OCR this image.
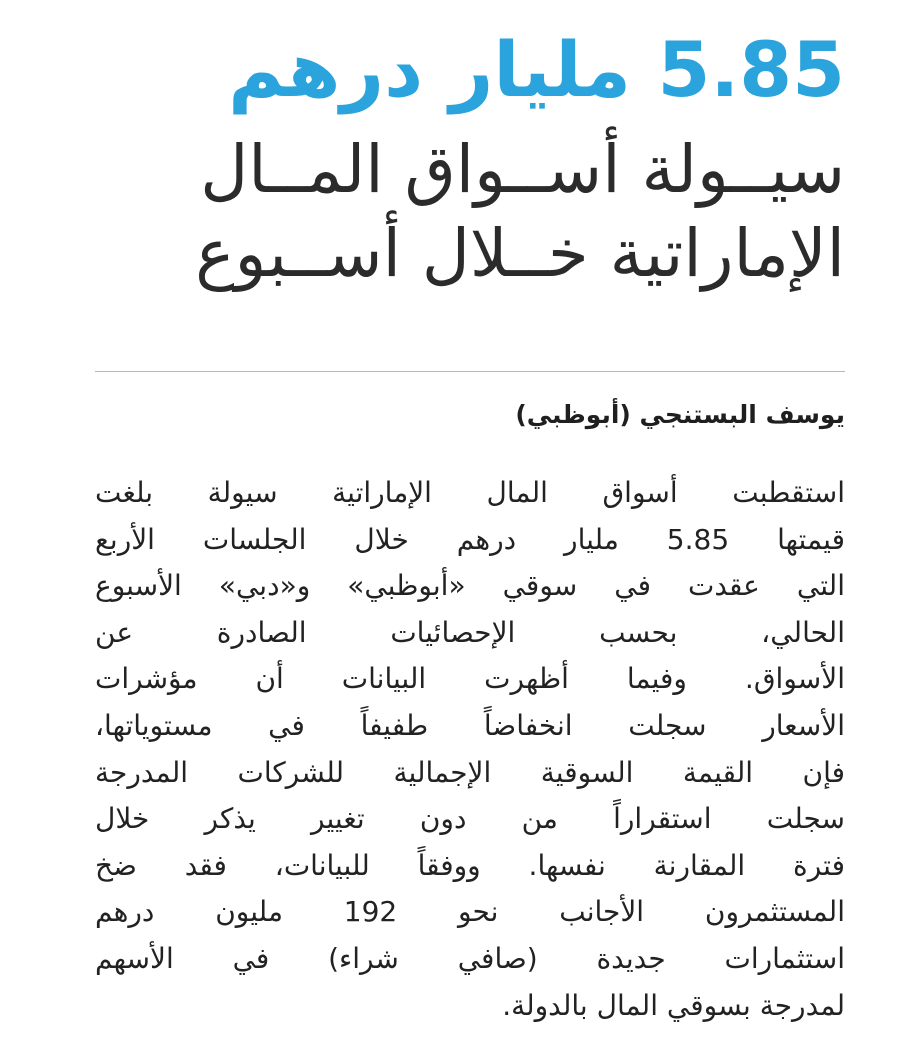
5.85 مليار درهم
سيــولة أســواق المــال
الإماراتية خــلال أســبوع
يوسف البستنجي (أبوظبي)
استقطبت أسواق المال الإماراتية سيولة بلغت
قيمتها 5.85 مليار درهم خلال الجلسات الأربع
التي عقدت في سوقي «أبوظبي» و«دبي» الأسبوع
الحالي، بحسب الإحصائيات الصادرة عن
الأسواق. وفيما أظهرت البيانات أن مؤشرات
الأسعار سجلت انخفاضاً طفيفاً في مستوياتها،
فإن القيمة السوقية الإجمالية للشركات المدرجة
سجلت استقراراً من دون تغيير يذكر خلال
فترة المقارنة نفسها. ووفقاً للبيانات، فقد ضخ
المستثمرون الأجانب نحو 192 مليون درهم
استثمارات جديدة (صافي شراء) في الأسهم
لمدرجة بسوقي المال بالدولة.
